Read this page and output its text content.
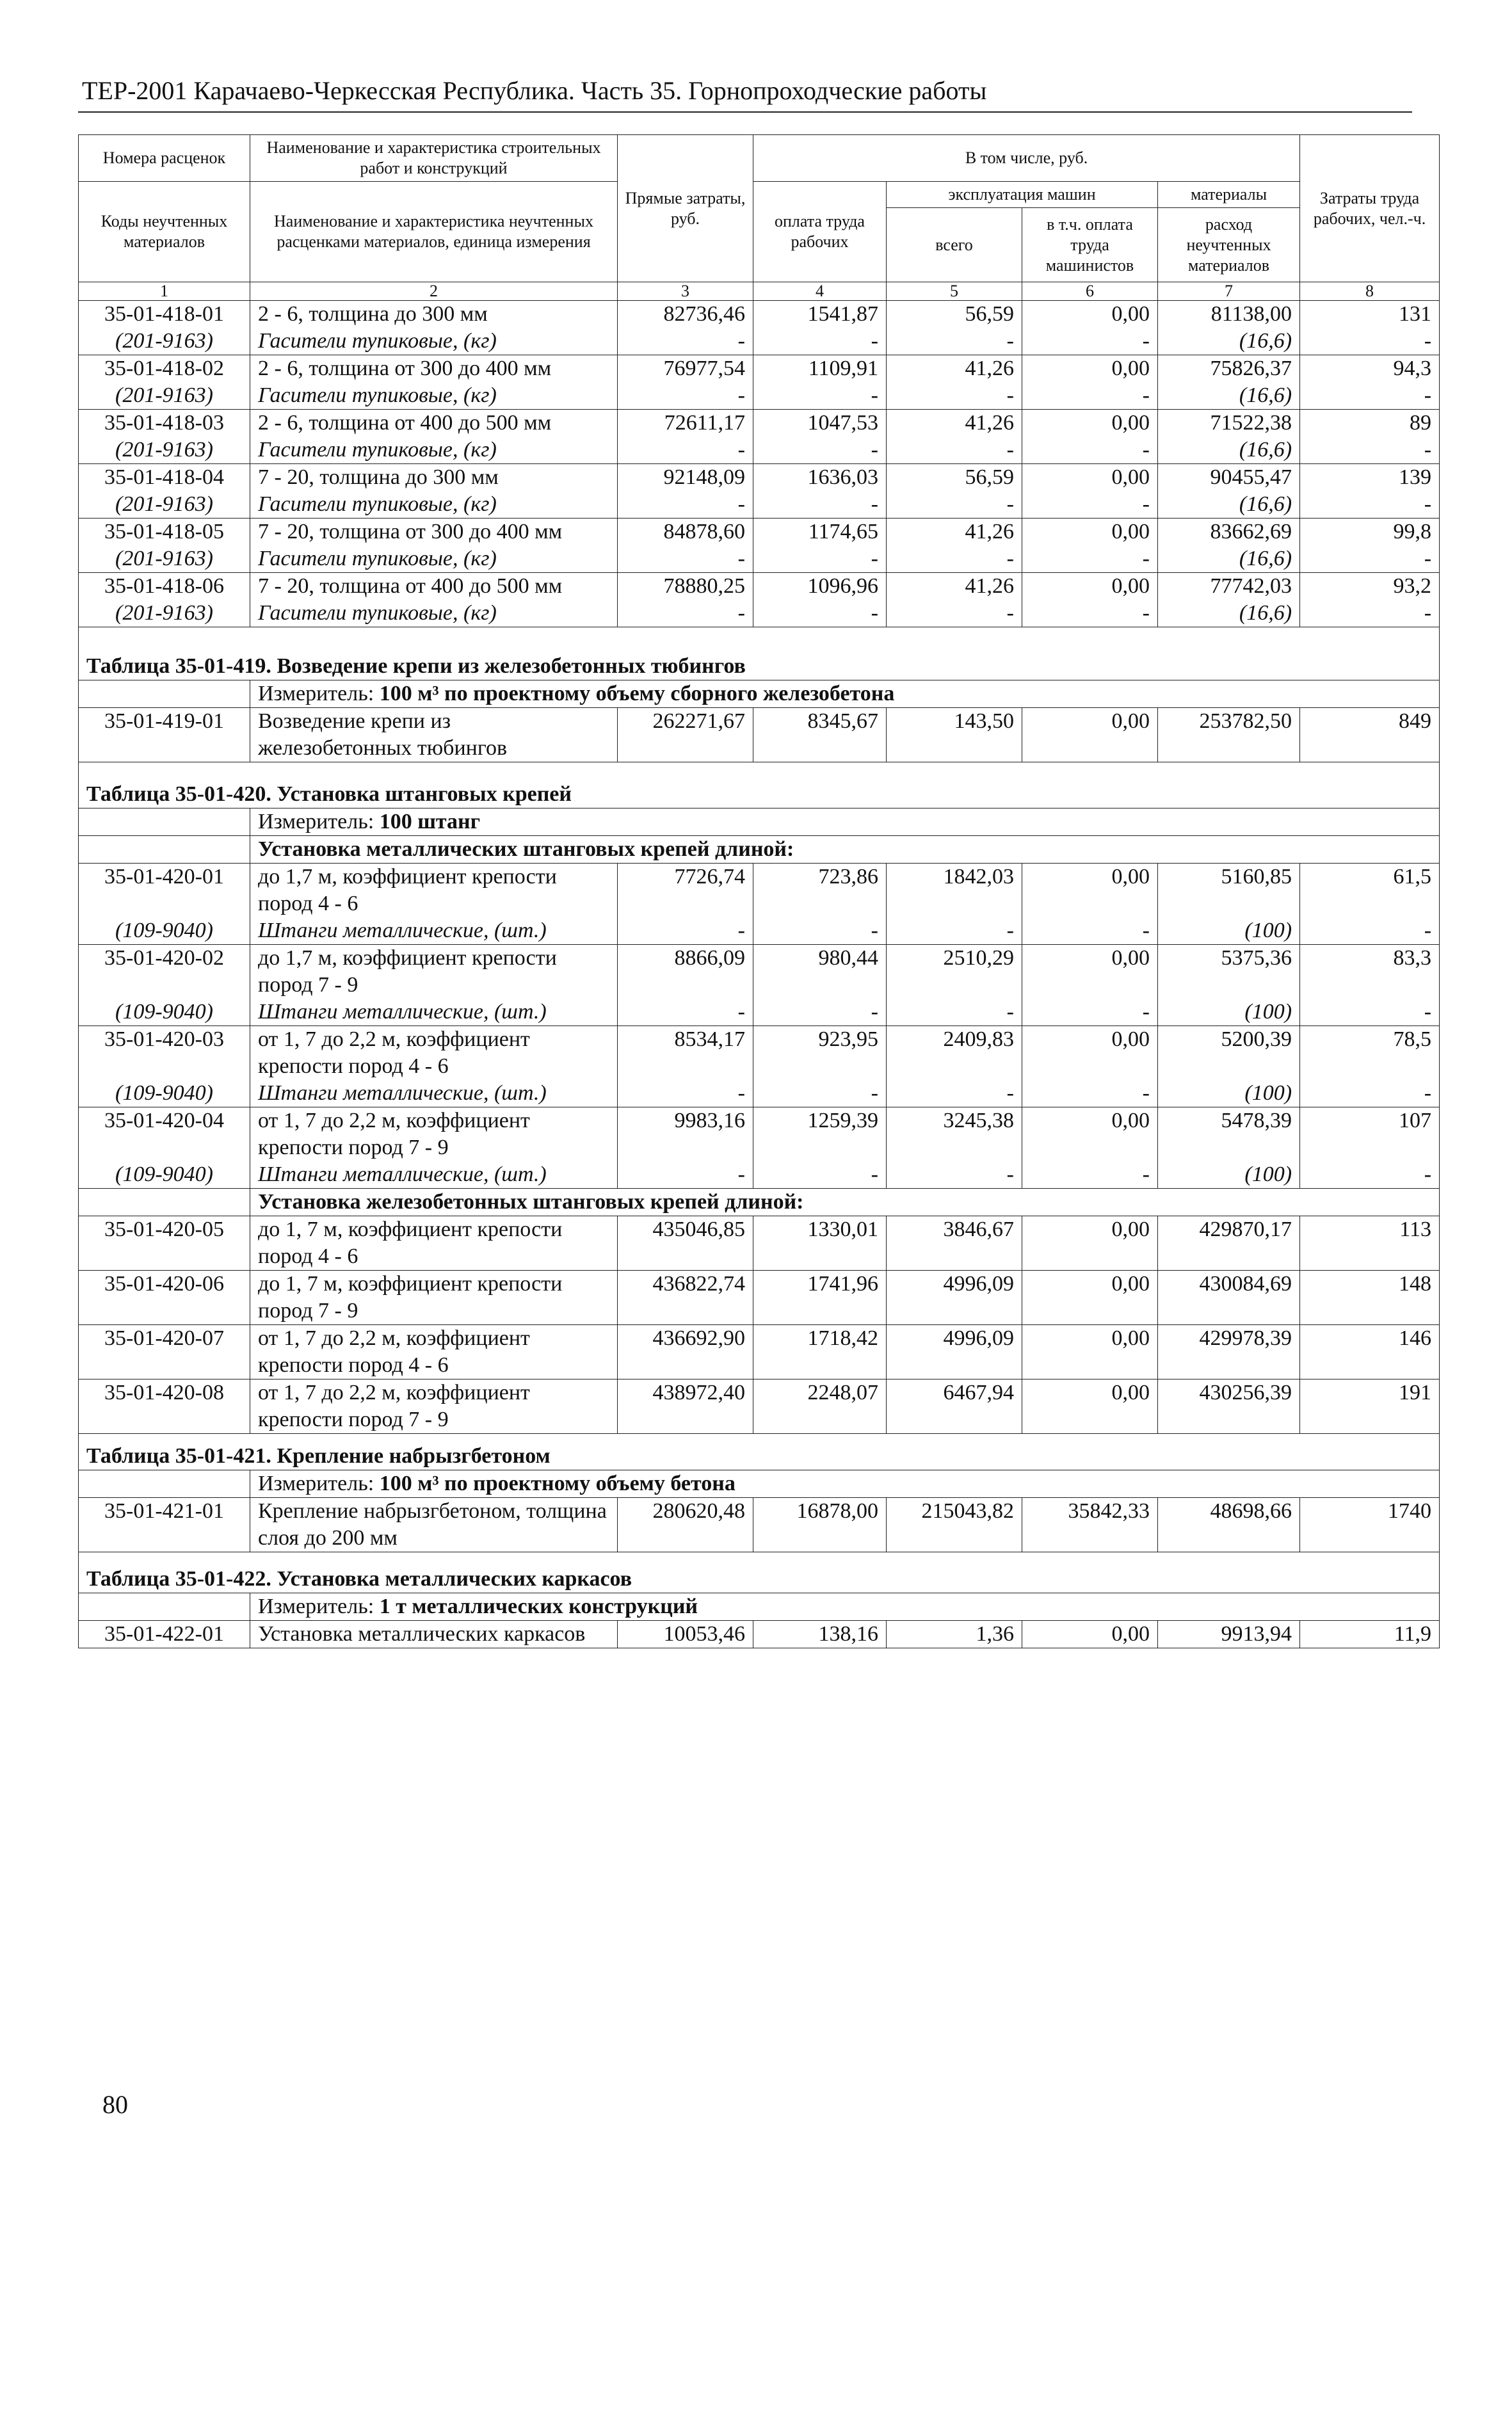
ТЕР-2001 Карачаево-Черкесская Республика. Часть 35. Горнопроходческие работы
Номера расценок	Наименование и характеристика строительных работ и конструкций	Прямые затраты, руб.	В том числе, руб.				Затраты труда рабочих, чел.-ч.
Коды неучтенных материалов	Наименование и характеристика неучтенных расценками материалов, единица измерения		оплата труда рабочих	эксплуатация машин		материалы	
				всего	в т.ч. оплата труда машинистов	расход неучтенных материалов	
1	2	3	4	5	6	7	8
35-01-418-01	2 - 6, толщина до 300 мм	82736,46	1541,87	56,59	0,00	81138,00	131
(201-9163)	Гасители тупиковые, (кг)	-	-	-	-	(16,6)	-
35-01-418-02	2 - 6, толщина от 300 до 400 мм	76977,54	1109,91	41,26	0,00	75826,37	94,3
(201-9163)	Гасители тупиковые, (кг)	-	-	-	-	(16,6)	-
35-01-418-03	2 - 6, толщина от 400 до 500 мм	72611,17	1047,53	41,26	0,00	71522,38	89
(201-9163)	Гасители тупиковые, (кг)	-	-	-	-	(16,6)	-
35-01-418-04	7 - 20, толщина до 300 мм	92148,09	1636,03	56,59	0,00	90455,47	139
(201-9163)	Гасители тупиковые, (кг)	-	-	-	-	(16,6)	-
35-01-418-05	7 - 20, толщина от 300 до 400 мм	84878,60	1174,65	41,26	0,00	83662,69	99,8
(201-9163)	Гасители тупиковые, (кг)	-	-	-	-	(16,6)	-
35-01-418-06	7 - 20, толщина от 400 до 500 мм	78880,25	1096,96	41,26	0,00	77742,03	93,2
(201-9163)	Гасители тупиковые, (кг)	-	-	-	-	(16,6)	-

Таблица 35-01-419. Возведение крепи из железобетонных тюбингов							
	Измеритель: 100 м³ по проектному объему сборного железобетона						
35-01-419-01	Возведение крепи из железобетонных тюбингов	262271,67	8345,67	143,50	0,00	253782,50	849

Таблица 35-01-420. Установка штанговых крепей							
	Измеритель: 100 штанг						
	Установка металлических штанговых крепей длиной:						
35-01-420-01	до 1,7 м, коэффициент крепости пород 4 - 6	7726,74	723,86	1842,03	0,00	5160,85	61,5
(109-9040)	Штанги металлические, (шт.)	-	-	-	-	(100)	-
35-01-420-02	до 1,7 м, коэффициент крепости пород 7 - 9	8866,09	980,44	2510,29	0,00	5375,36	83,3
(109-9040)	Штанги металлические, (шт.)	-	-	-	-	(100)	-
35-01-420-03	от 1, 7 до 2,2 м, коэффициент крепости пород 4 - 6	8534,17	923,95	2409,83	0,00	5200,39	78,5
(109-9040)	Штанги металлические, (шт.)	-	-	-	-	(100)	-
35-01-420-04	от 1, 7 до 2,2 м, коэффициент крепости пород 7 - 9	9983,16	1259,39	3245,38	0,00	5478,39	107
(109-9040)	Штанги металлические, (шт.)	-	-	-	-	(100)	-
	Установка железобетонных штанговых крепей длиной:						
35-01-420-05	до 1, 7 м, коэффициент крепости пород 4 - 6	435046,85	1330,01	3846,67	0,00	429870,17	113
35-01-420-06	до 1, 7 м, коэффициент крепости пород 7 - 9	436822,74	1741,96	4996,09	0,00	430084,69	148
35-01-420-07	от 1, 7 до 2,2 м, коэффициент крепости пород 4 - 6	436692,90	1718,42	4996,09	0,00	429978,39	146
35-01-420-08	от 1, 7 до 2,2 м, коэффициент крепости пород 7 - 9	438972,40	2248,07	6467,94	0,00	430256,39	191

Таблица 35-01-421. Крепление набрызгбетоном							
	Измеритель: 100 м³ по проектному объему бетона						
35-01-421-01	Крепление набрызгбетоном, толщина слоя до 200 мм	280620,48	16878,00	215043,82	35842,33	48698,66	1740

Таблица 35-01-422. Установка металлических каркасов							
	Измеритель: 1 т металлических конструкций						
35-01-422-01	Установка металлических каркасов	10053,46	138,16	1,36	0,00	9913,94	11,9
80
